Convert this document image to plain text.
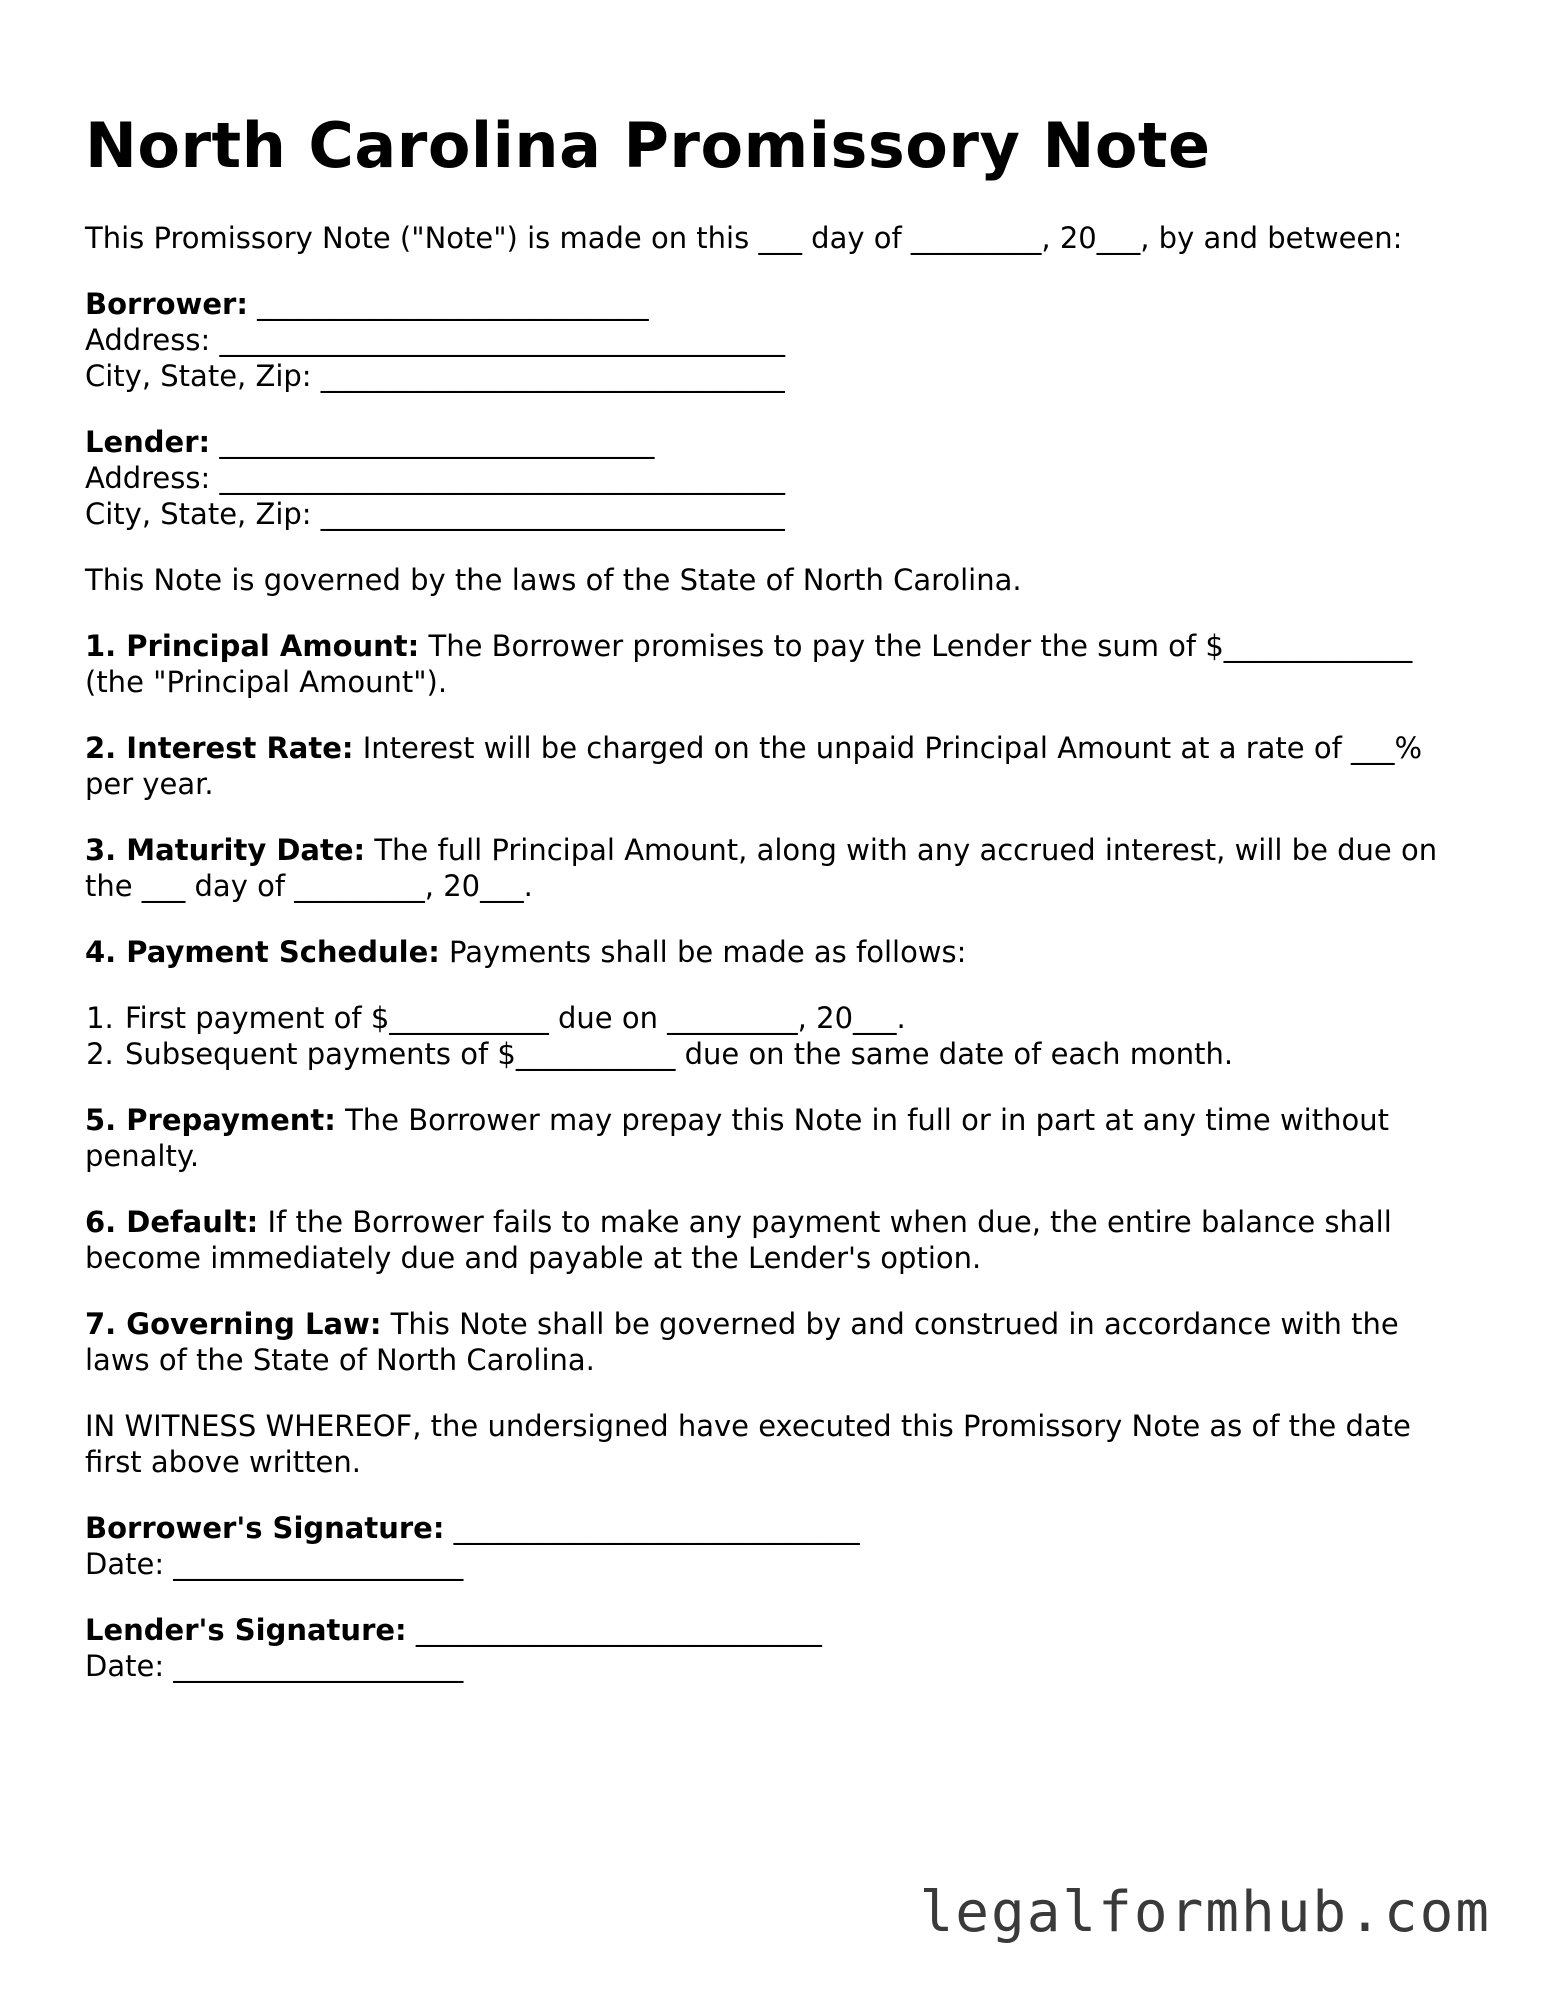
North Carolina Promissory Note

This Promissory Note ("Note") is made on this ___ day of _________, 20___, by and between:

Borrower: ___________________________
Address: _______________________________________
City, State, Zip: ________________________________
Lender: ______________________________
Address: _______________________________________
City, State, Zip: ________________________________

This Note is governed by the laws of the State of North Carolina.

1. Principal Amount: The Borrower promises to pay the Lender the sum of $_____________ (the "Principal Amount").

2. Interest Rate: Interest will be charged on the unpaid Principal Amount at a rate of ___% per year.

3. Maturity Date: The full Principal Amount, along with any accrued interest, will be due on the ___ day of _________, 20___.

4. Payment Schedule: Payments shall be made as follows:

1. First payment of $___________ due on _________, 20___.
2. Subsequent payments of $___________ due on the same date of each month.

5. Prepayment: The Borrower may prepay this Note in full or in part at any time without penalty.

6. Default: If the Borrower fails to make any payment when due, the entire balance shall become immediately due and payable at the Lender's option.

7. Governing Law: This Note shall be governed by and construed in accordance with the laws of the State of North Carolina.

IN WITNESS WHEREOF, the undersigned have executed this Promissory Note as of the date first above written.

Borrower's Signature: ____________________________
Date: ____________________
Lender's Signature: ____________________________
Date: ____________________
legalformhub.com
